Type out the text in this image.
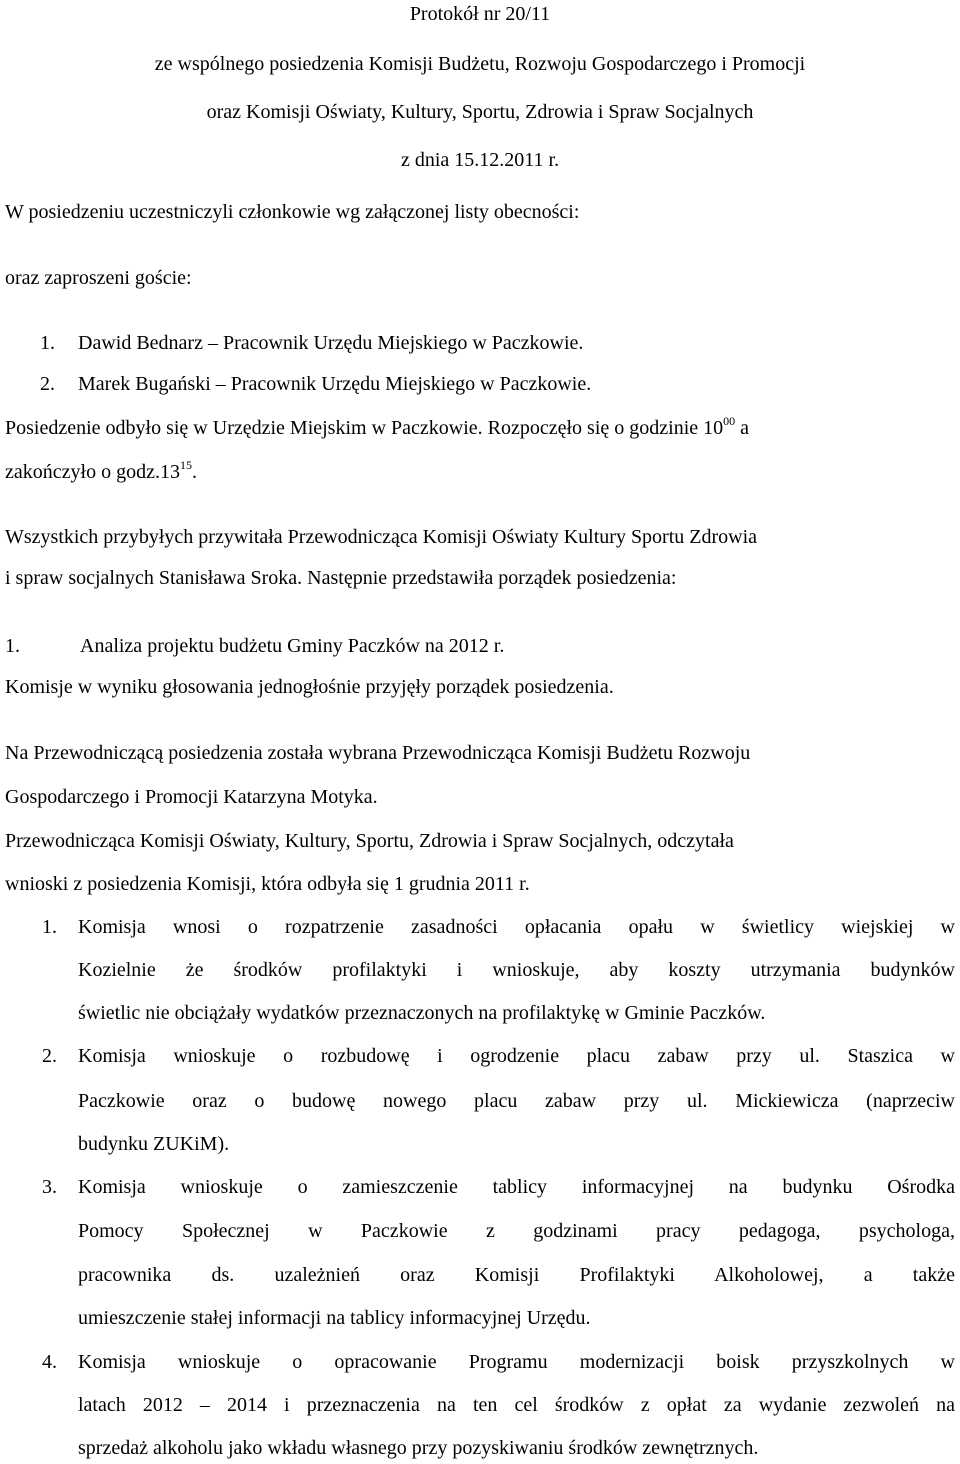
Protokół nr 20/11
ze wspólnego posiedzenia Komisji Budżetu, Rozwoju Gospodarczego i Promocji
oraz Komisji Oświaty, Kultury, Sportu, Zdrowia i Spraw Socjalnych
z dnia 15.12.2011 r.
W posiedzeniu uczestniczyli członkowie wg załączonej listy obecności:
oraz zaproszeni goście:
1. Dawid Bednarz – Pracownik Urzędu Miejskiego w Paczkowie.
2. Marek Bugański – Pracownik Urzędu Miejskiego w Paczkowie.
Posiedzenie odbyło się w Urzędzie Miejskim w Paczkowie. Rozpoczęło się o godzinie $10^{00}$ a
zakończyło o $godz.13^{15}$.
Wszystkich przybyłych przywitała Przewodnicząca Komisji Oświaty Kultury Sportu Zdrowia
i spraw socjalnych Stanisława Sroka. Następnie przedstawiła porządek posiedzenia:
1.	Analiza projektu budżetu Gminy Paczków na 2012 r.
Komisje w wyniku głosowania jednogłośnie przyjęły porządek posiedzenia.
Na Przewodniczącą posiedzenia została wybrana Przewodnicząca Komisji Budżetu Rozwoju
Gospodarczego i Promocji Katarzyna Motyka.
Przewodnicząca Komisji Oświaty, Kultury, Sportu, Zdrowia i Spraw Socjalnych, odczytała
wnioski z posiedzenia Komisji, która odbyła się 1 grudnia 2011 r.
1.	Komisja wnosi o rozpatrzenie zasadności opłacania opału w świetlicy wiejskiej w
Kozielnie że środków profilaktyki i wnioskuje, aby koszty utrzymania budynków
świetlic nie obciążały wydatków przeznaczonych na profilaktykę w Gminie Paczków.
2.	Komisja wnioskuje o rozbudowę i ogrodzenie placu zabaw przy ul. Staszica w
Paczkowie oraz o budowę nowego placu zabaw przy ul. Mickiewicza (naprzeciw
budynku ZUKiM).
3.	Komisja wnioskuje o zamieszczenie tablicy informacyjnej na budynku Ośrodka
Pomocy Społecznej w Paczkowie z godzinami pracy pedagoga, psychologa,
pracownika ds. uzależnień oraz Komisji Profilaktyki Alkoholowej, a także
umieszczenie stałej informacji na tablicy informacyjnej Urzędu.
4.	Komisja wnioskuje o opracowanie Programu modernizacji boisk przyszkolnych w
latach 2012 – 2014 i przeznaczenia na ten cel środków z opłat za wydanie zezwoleń na
sprzedaż alkoholu jako wkładu własnego przy pozyskiwaniu środków zewnętrznych.
